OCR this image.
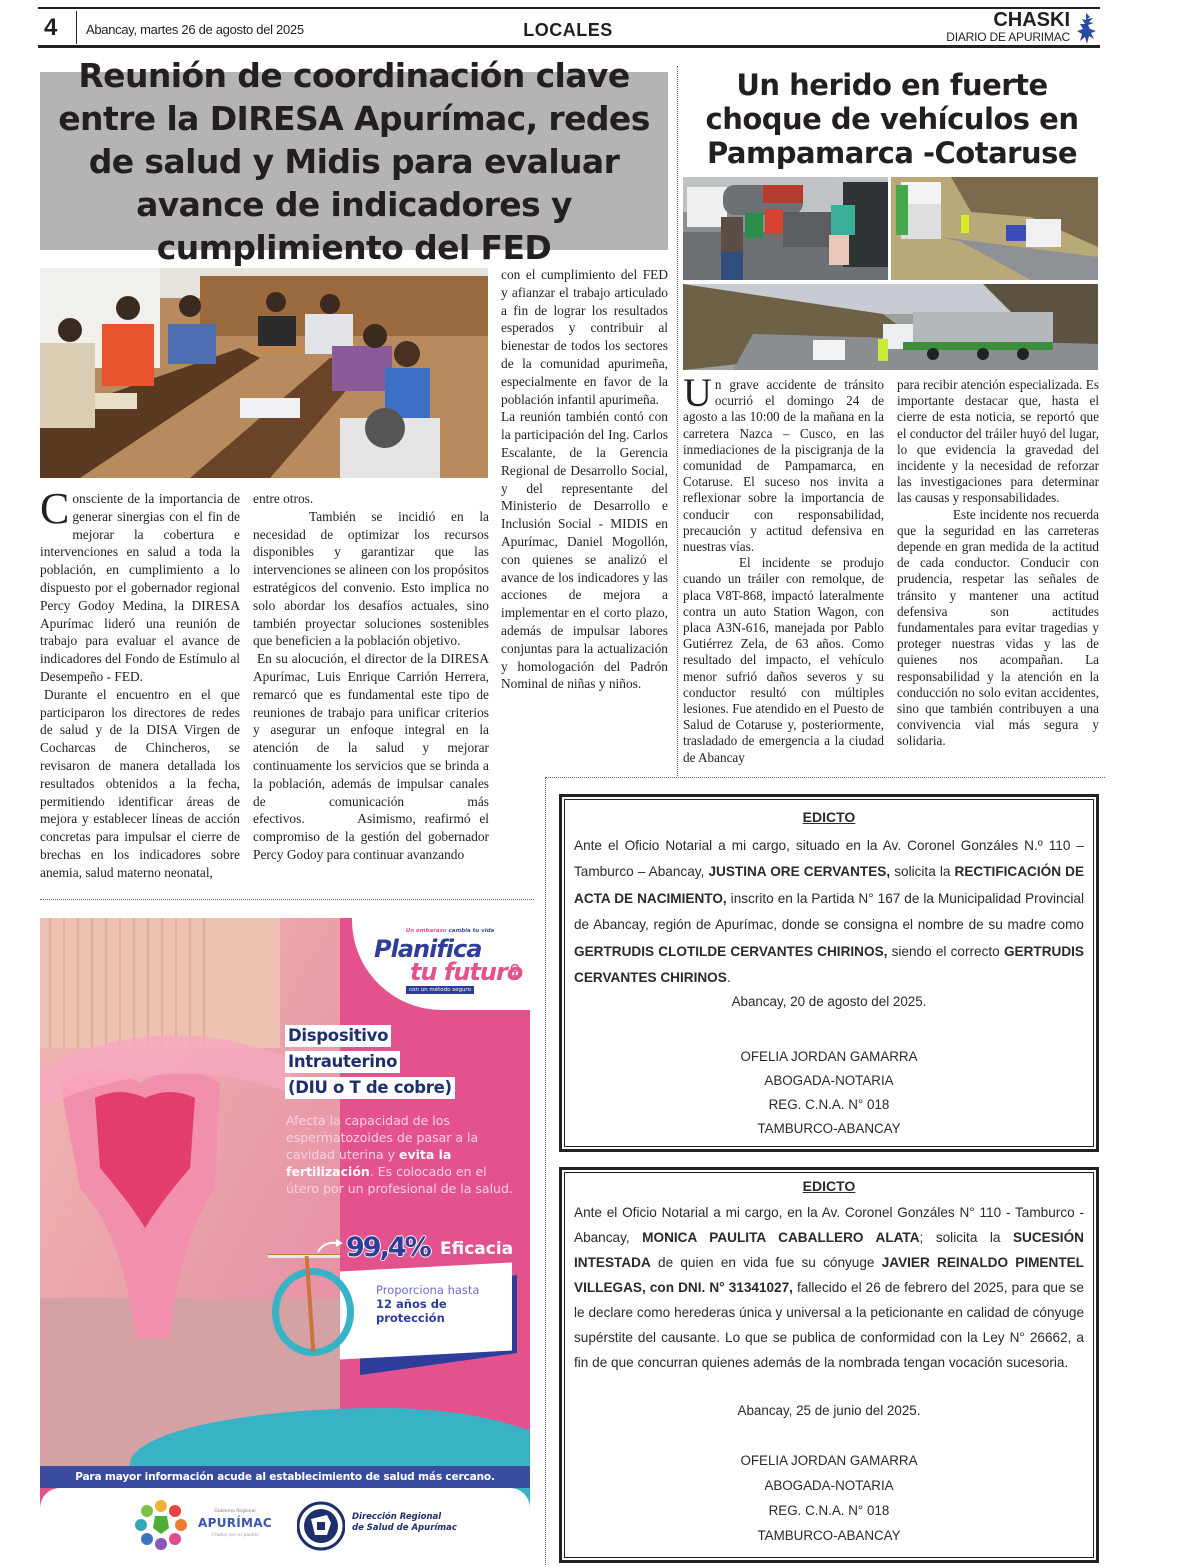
4 Abancay, martes 26 de agosto del 2025	LOCALES	CHASKI
DIARIO DE APURIMAC
Reunión de coordinación clave entre la DIRESA Apurímac, redes de salud y Midis para evaluar avance de indicadores y cumplimiento del FED

Consciente de la importancia de generar sinergias con el fin de mejorar la cobertura e intervenciones en salud a toda la población, en cumplimiento a lo dispuesto por el gobernador regional Percy Godoy Medina, la DIRESA Apurímac lideró una reunión de trabajo para evaluar el avance de indicadores del Fondo de Estímulo al Desempeño - FED.

Durante el encuentro en el que participaron los directores de redes de salud y de la DISA Virgen de Cocharcas de Chincheros, se revisaron de manera detallada los resultados obtenidos a la fecha, permitiendo identificar áreas de mejora y establecer líneas de acción concretas para impulsar el cierre de brechas en los indicadores sobre anemia, salud materno neonatal,

entre otros.

También se incidió en la necesidad de optimizar los recursos disponibles y garantizar que las intervenciones se alineen con los propósitos estratégicos del convenio. Esto implica no solo abordar los desafíos actuales, sino también proyectar soluciones sostenibles que beneficien a la población objetivo.

En su alocución, el director de la DIRESA Apurímac, Luis Enrique Carrión Herrera, remarcó que es fundamental este tipo de reuniones de trabajo para unificar criterios y asegurar un enfoque integral en la atención de la salud y mejorar continuamente los servicios que se brinda a la población, además de impulsar canales de comunicación más efectivos.	Asimismo, reafirmó el compromiso de la gestión del gobernador Percy Godoy para continuar avanzando

con el cumplimiento del FED y afianzar el trabajo articulado a fin de lograr los resultados esperados y contribuir al bienestar de todos los sectores de la comunidad apurimeña, especialmente en favor de la población infantil apurimeña.

La reunión también contó con la participación del Ing. Carlos Escalante, de la Gerencia Regional de Desarrollo Social, y del representante del Ministerio de Desarrollo e Inclusión Social - MIDIS en Apurímac, Daniel Mogollón, con quienes se analizó el avance de los indicadores y las acciones de mejora a implementar en el corto plazo, además de impulsar labores conjuntas para la actualización y homologación del Padrón Nominal de niñas y niños.

Un herido en fuerte choque de vehículos en Pampamarca -Cotaruse

Un grave accidente de tránsito ocurrió el domingo 24 de agosto a las 10:00 de la mañana en la carretera Nazca – Cusco, en las inmediaciones de la piscigranja de la comunidad de Pampamarca, en Cotaruse. El suceso nos invita a reflexionar sobre la importancia de conducir con responsabilidad, precaución y actitud defensiva en nuestras vías.

El incidente se produjo cuando un tráiler con remolque, de placa V8T-868, impactó lateralmente contra un auto Station Wagon, con placa A3N-616, manejada por Pablo Gutiérrez Zela, de 63 años. Como resultado del impacto, el vehículo menor sufrió daños severos y su conductor resultó con múltiples lesiones. Fue atendido en el Puesto de Salud de Cotaruse y, posteriormente, trasladado de emergencia a la ciudad de Abancay

para recibir atención especializada. Es importante destacar que, hasta el cierre de esta noticia, se reportó que el conductor del tráiler huyó del lugar, lo que evidencia la gravedad del incidente y la necesidad de reforzar las investigaciones para determinar las causas y responsabilidades.

Este incidente nos recuerda que la seguridad en las carreteras depende en gran medida de la actitud de cada conductor. Conducir con prudencia, respetar las señales de tránsito y mantener una actitud defensiva son actitudes fundamentales para evitar tragedias y proteger nuestras vidas y las de quienes nos acompañan. La responsabilidad y la atención en la conducción no solo evitan accidentes, sino que también contribuyen a una convivencia vial más segura y solidaria.

EDICTO
Ante el Oficio Notarial a mi cargo, situado en la Av. Coronel Gonzáles N.º 110 – Tamburco – Abancay, JUSTINA ORE CERVANTES, solicita la RECTIFICACIÓN DE ACTA DE NACIMIENTO, inscrito en la Partida N° 167 de la Municipalidad Provincial de Abancay, región de Apurímac, donde se consigna el nombre de su madre como GERTRUDIS CLOTILDE CERVANTES CHIRINOS, siendo el correcto GERTRUDIS CERVANTES CHIRINOS.
Abancay, 20 de agosto del 2025.
OFELIA JORDAN GAMARRA
ABOGADA-NOTARIA
REG. C.N.A. N° 018
TAMBURCO-ABANCAY
EDICTO
Ante el Oficio Notarial a mi cargo, en la Av. Coronel Gonzáles N° 110 - Tamburco - Abancay, MONICA PAULITA CABALLERO ALATA; solicita la SUCESIÓN INTESTADA de quien en vida fue su cónyuge JAVIER REINALDO PIMENTEL VILLEGAS, con DNI. N° 31341027, fallecido el 26 de febrero del 2025, para que se le declare como herederas única y universal a la peticionante en calidad de cónyuge supérstite del causante. Lo que se publica de conformidad con la Ley N° 26662, a fin de que concurran quienes además de la nombrada tengan vocación sucesoria.
Abancay, 25 de junio del 2025.
OFELIA JORDAN GAMARRA
ABOGADA-NOTARIA
REG. C.N.A. N° 018
TAMBURCO-ABANCAY
Un embarazo cambia tu vida
Planifica
tu futuro
con un método seguro
Dispositivo
Intrauterino
(DIU o T de cobre)
Afecta la capacidad de los espermatozoides de pasar a la cavidad uterina y evita la fertilización. Es colocado en el útero por un profesional de la salud.
99,4% Eficacia
Proporciona hasta
12 años de protección
Para mayor información acude al establecimiento de salud más cercano.
Gobierno Regional
APURÍMAC
Unidos por el pueblo
Dirección Regional
de Salud de Apurímac
